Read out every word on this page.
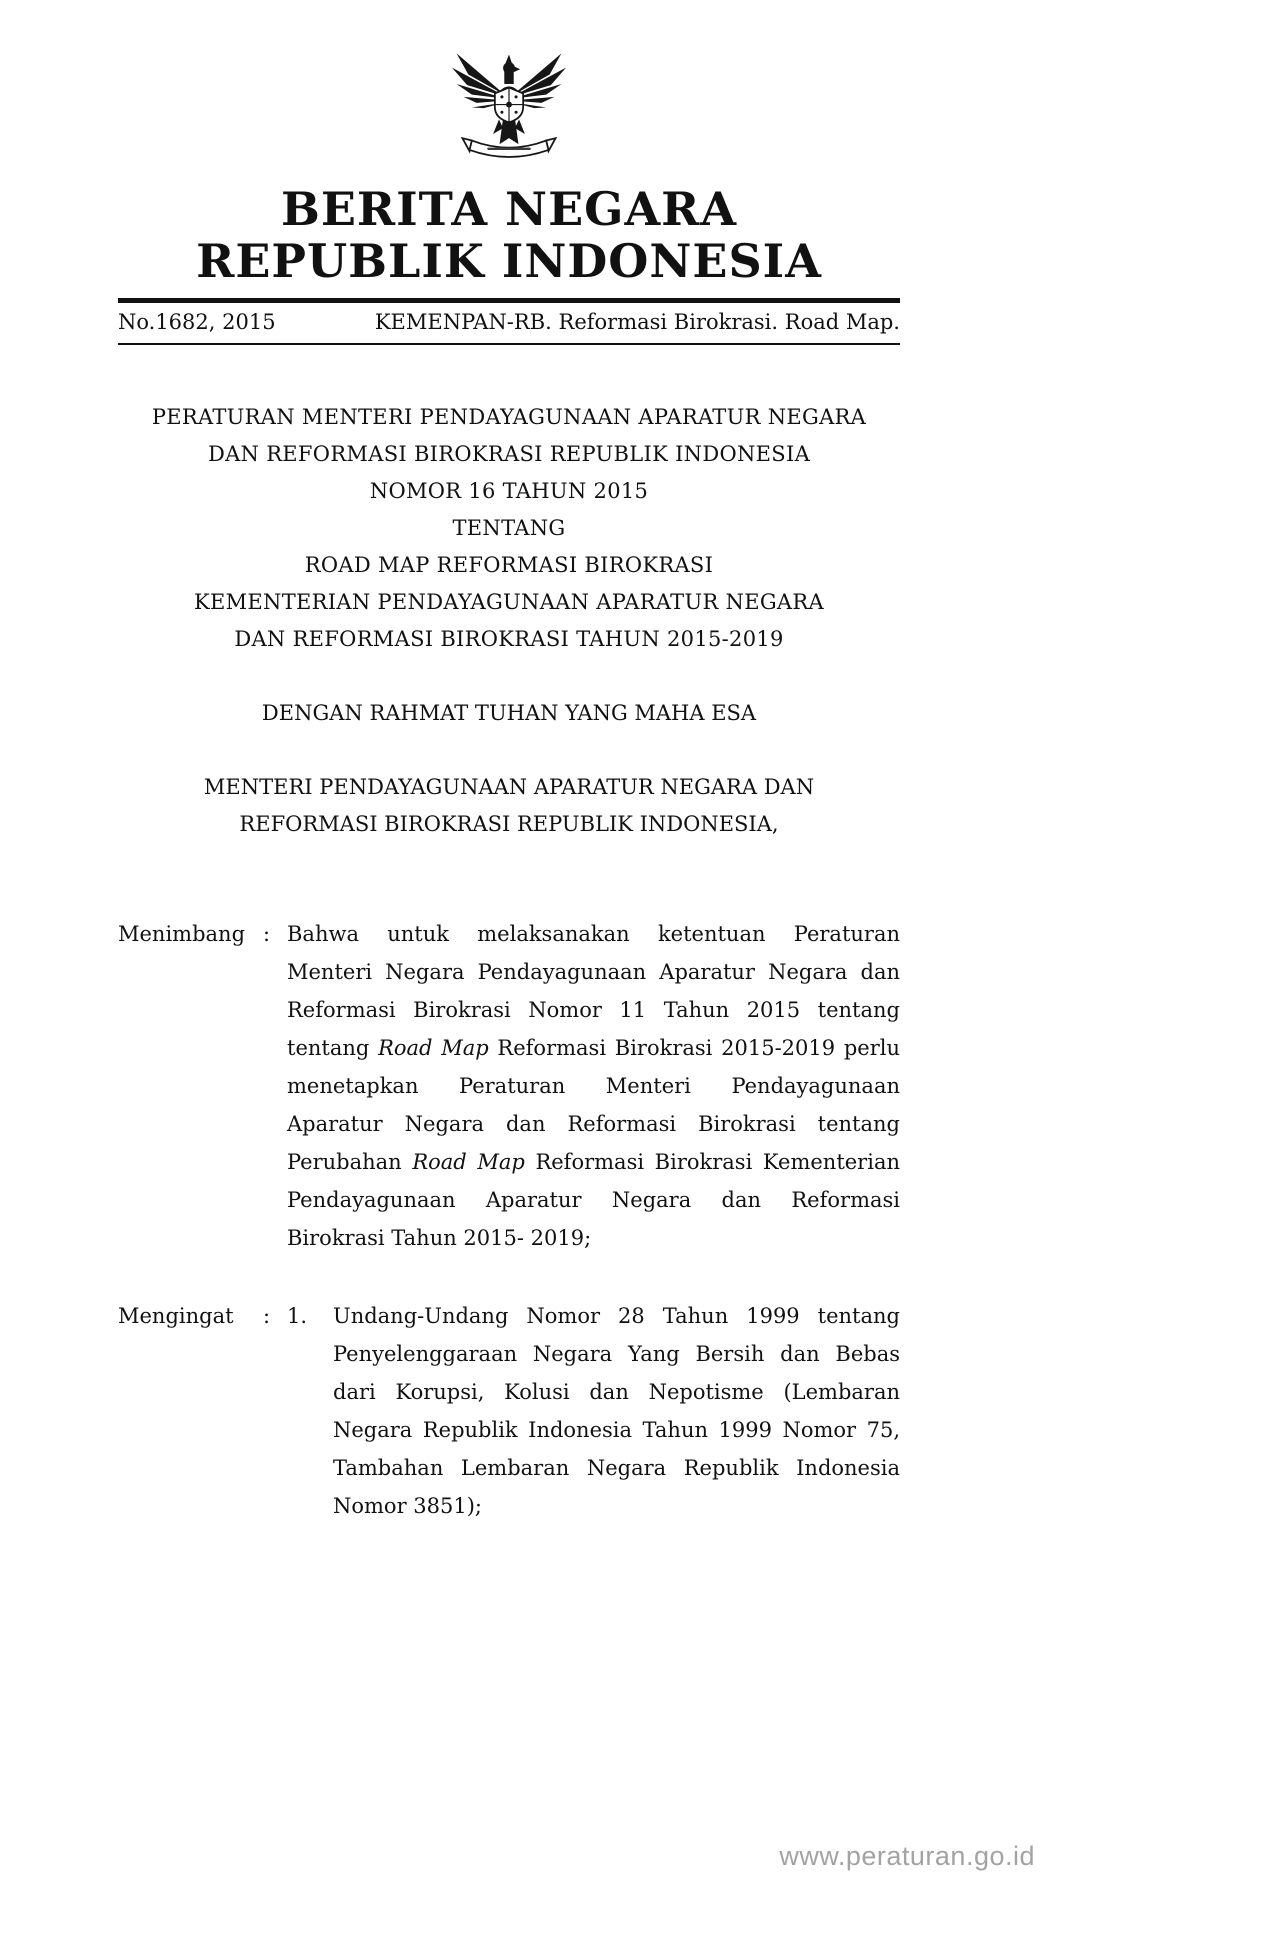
BERITA NEGARA
REPUBLIK INDONESIA
No.1682, 2015	KEMENPAN-RB. Reformasi Birokrasi. Road Map.
PERATURAN MENTERI PENDAYAGUNAAN APARATUR NEGARA
DAN REFORMASI BIROKRASI REPUBLIK INDONESIA
NOMOR 16 TAHUN 2015
TENTANG
ROAD MAP REFORMASI BIROKRASI
KEMENTERIAN PENDAYAGUNAAN APARATUR NEGARA
DAN REFORMASI BIROKRASI TAHUN 2015-2019
DENGAN RAHMAT TUHAN YANG MAHA ESA
MENTERI PENDAYAGUNAAN APARATUR NEGARA DAN
REFORMASI BIROKRASI REPUBLIK INDONESIA,
Menimbang : Bahwa untuk melaksanakan ketentuan Peraturan Menteri Negara Pendayagunaan Aparatur Negara dan Reformasi Birokrasi Nomor 11 Tahun 2015 tentang tentang Road Map Reformasi Birokrasi 2015-2019 perlu menetapkan Peraturan Menteri Pendayagunaan Aparatur Negara dan Reformasi Birokrasi tentang Perubahan Road Map Reformasi Birokrasi Kementerian Pendayagunaan Aparatur Negara dan Reformasi Birokrasi Tahun 2015- 2019;
Mengingat	: 1.	Undang-Undang Nomor 28 Tahun 1999 tentang Penyelenggaraan Negara Yang Bersih dan Bebas dari Korupsi, Kolusi dan Nepotisme (Lembaran Negara Republik Indonesia Tahun 1999 Nomor 75, Tambahan Lembaran Negara Republik Indonesia Nomor 3851);
www.peraturan.go.id
